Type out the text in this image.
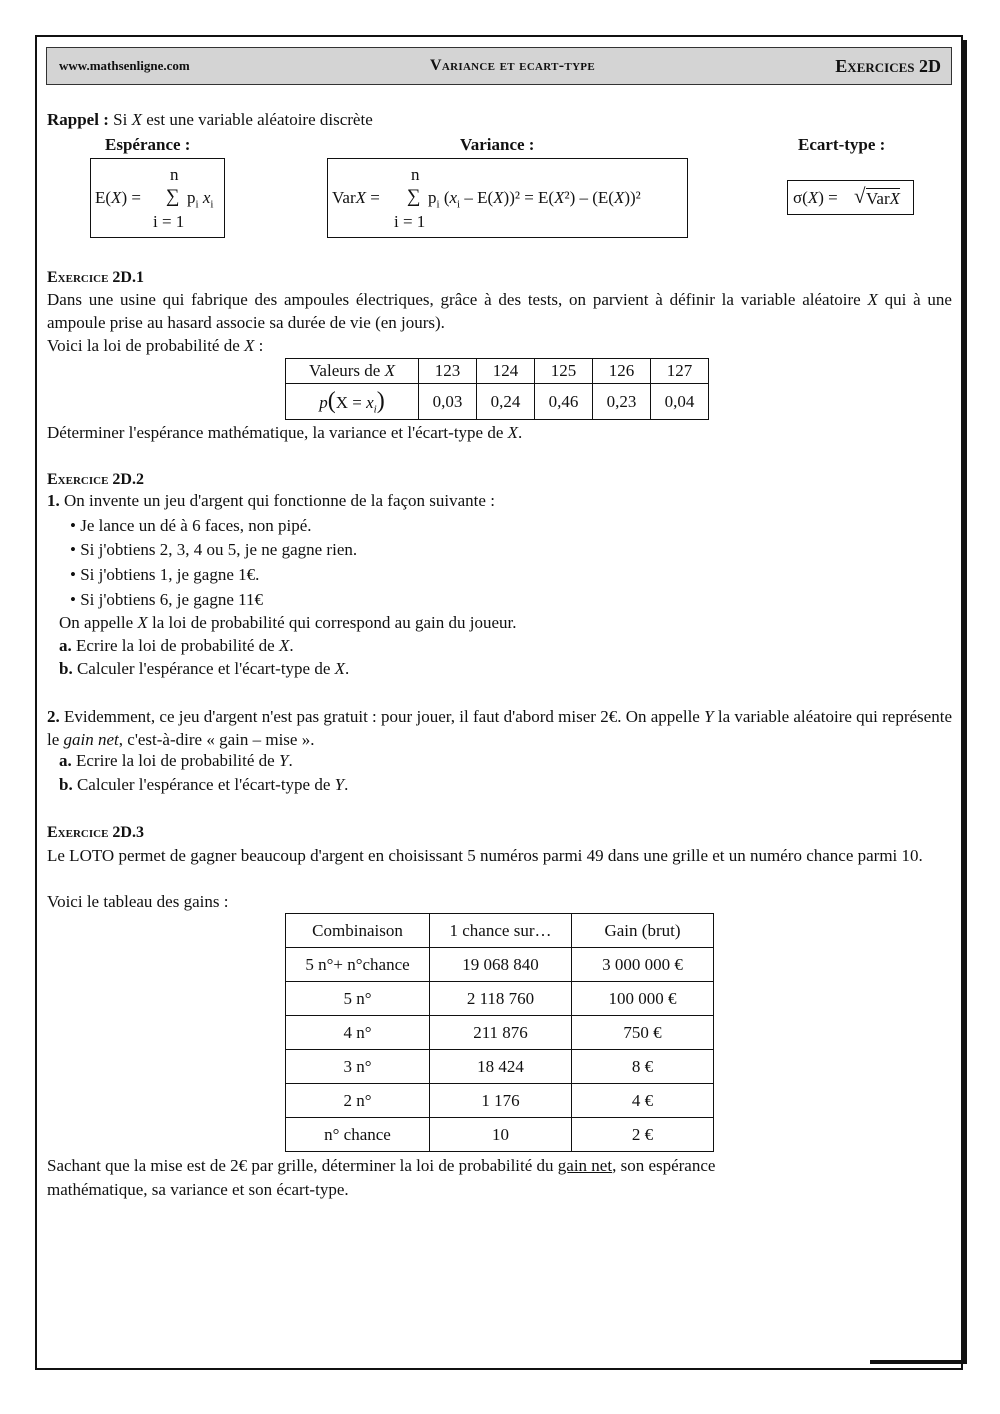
www.mathsenligne.com	Variance et ecart-type	Exercices 2D
Rappel : Si X est une variable aléatoire discrète
Espérance :	Variance :	Ecart-type :
n
E(X) = ∑ $p_i$ $x_i$
i = 1
n
VarX = ∑ $p_i$ $(x_i - E(X))^2 = E(X^2) - (E(X))^2$
i = 1
σ(X) = √ VarX
Exercice 2D.1
Dans une usine qui fabrique des ampoules électriques, grâce à des tests, on parvient à définir la variable aléatoire X qui à une ampoule prise au hasard associe sa durée de vie (en jours).
Voici la loi de probabilité de X :
Valeurs de X	123	124	125	126	127
$p(X = x_i)$	0,03	0,24	0,46	0,23	0,04
Déterminer l'espérance mathématique, la variance et l'écart-type de X.
Exercice 2D.2
1. On invente un jeu d'argent qui fonctionne de la façon suivante :
• Je lance un dé à 6 faces, non pipé.
• Si j'obtiens 2, 3, 4 ou 5, je ne gagne rien.
• Si j'obtiens 1, je gagne 1€.
• Si j'obtiens 6, je gagne 11€
On appelle X la loi de probabilité qui correspond au gain du joueur.
a. Ecrire la loi de probabilité de X.
b. Calculer l'espérance et l'écart-type de X.
2. Evidemment, ce jeu d'argent n'est pas gratuit : pour jouer, il faut d'abord miser 2€. On appelle Y la variable aléatoire qui représente le gain net, c'est-à-dire « gain – mise ».
a. Ecrire la loi de probabilité de Y.
b. Calculer l'espérance et l'écart-type de Y.
Exercice 2D.3
Le LOTO permet de gagner beaucoup d'argent en choisissant 5 numéros parmi 49 dans une grille et un numéro chance parmi 10.
Voici le tableau des gains :
Combinaison	1 chance sur…	Gain (brut)
5 n°+ n°chance	19 068 840	3 000 000 €
5 n°	2 118 760	100 000 €
4 n°	211 876	750 €
3 n°	18 424	8 €
2 n°	1 176	4 €
n° chance	10	2 €
Sachant que la mise est de 2€ par grille, déterminer la loi de probabilité du gain net, son espérance
mathématique, sa variance et son écart-type.
